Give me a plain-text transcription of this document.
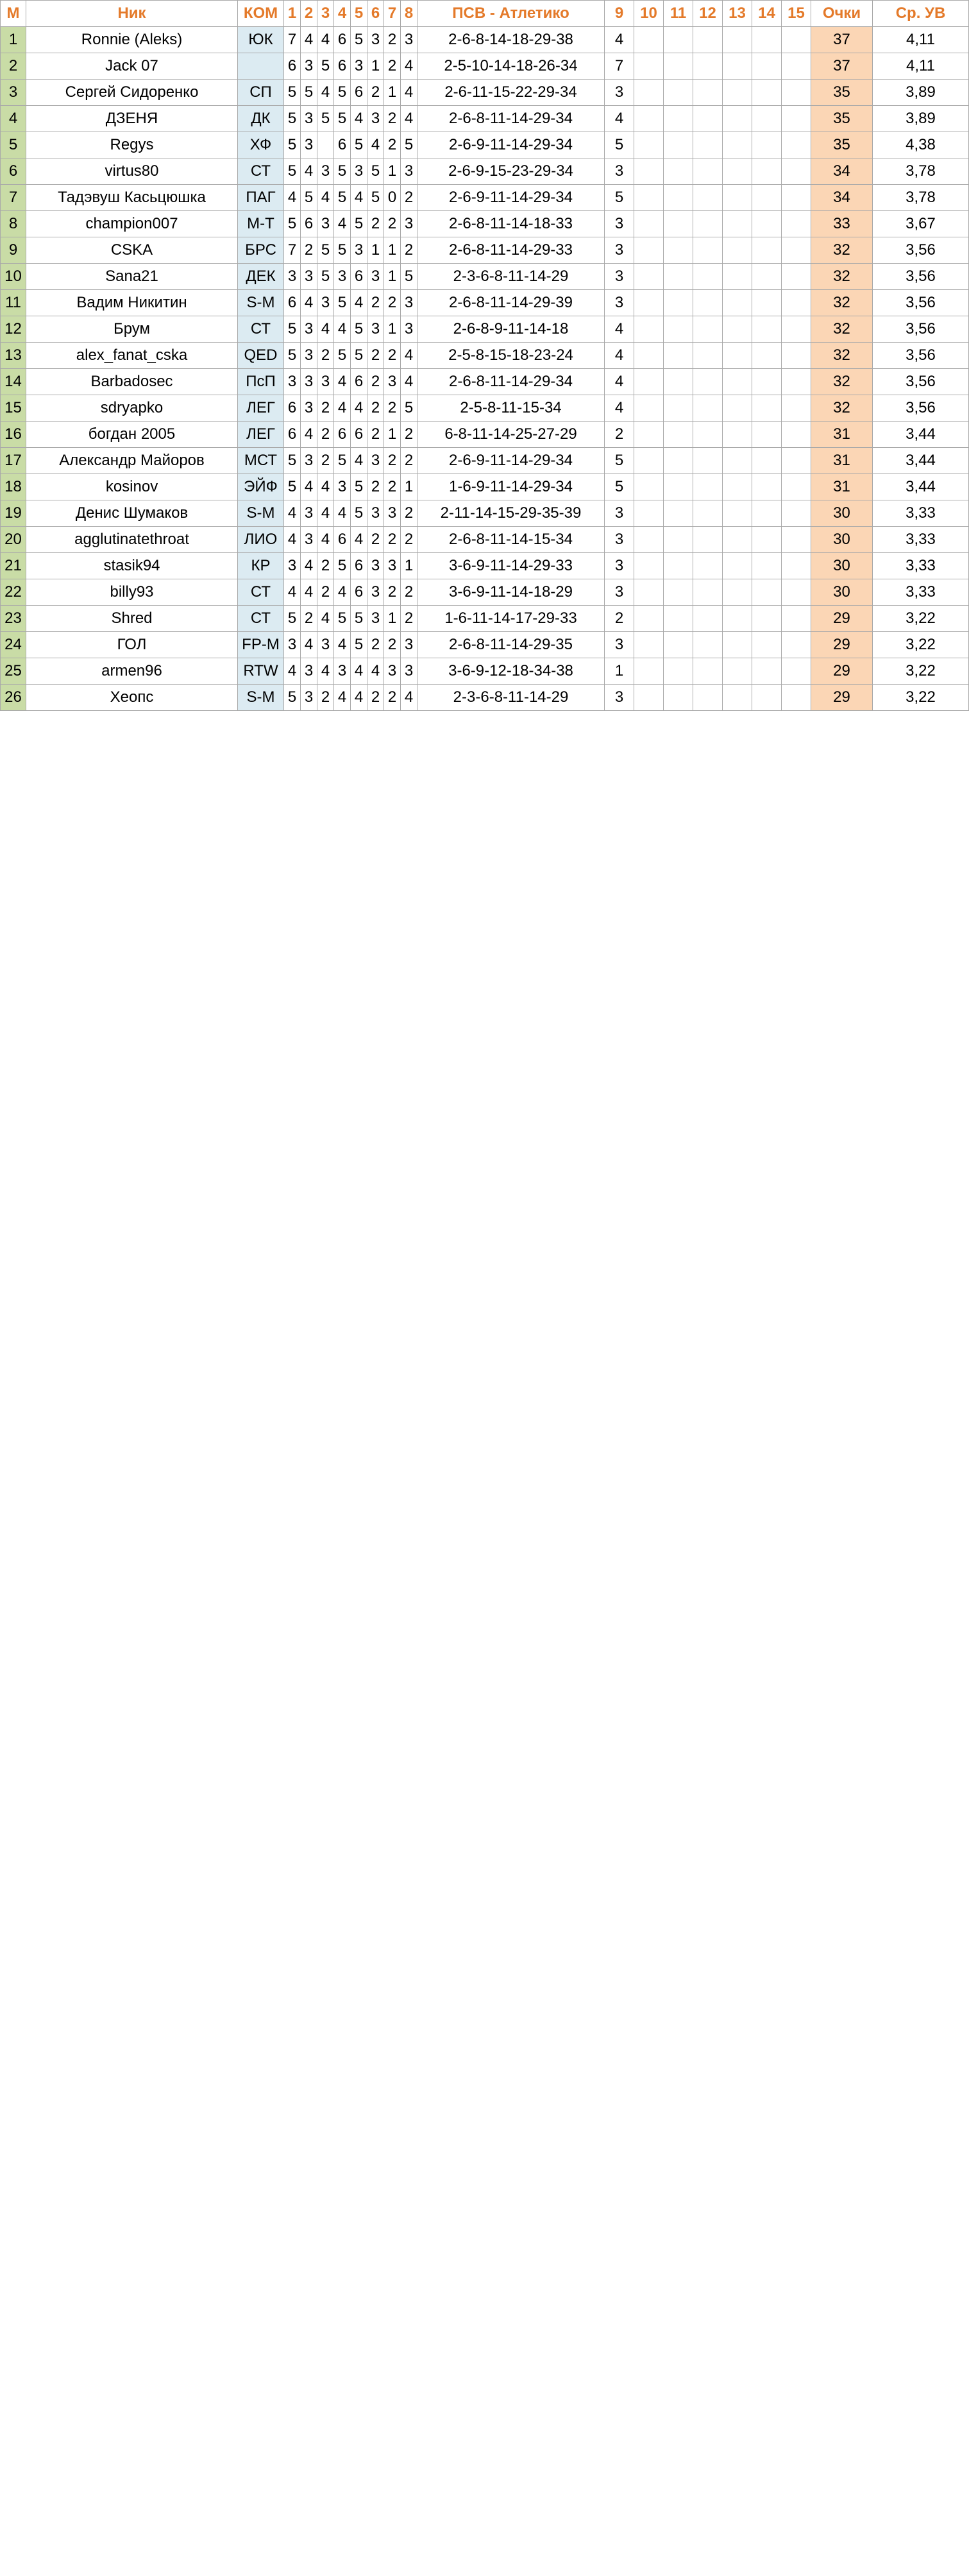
М	Ник	КОМ	1	2	3	4	5	6	7	8	ПСВ - Атлетико	9	10	11	12	13	14	15	Очки	Ср. УВ
1	Ronnie (Aleks)	ЮК	7	4	4	6	5	3	2	3	2-6-8-14-18-29-38	4							37	4,11
2	Jack 07		6	3	5	6	3	1	2	4	2-5-10-14-18-26-34	7							37	4,11
3	Сергей Сидоренко	СП	5	5	4	5	6	2	1	4	2-6-11-15-22-29-34	3							35	3,89
4	ДЗЕНЯ	ДК	5	3	5	5	4	3	2	4	2-6-8-11-14-29-34	4							35	3,89
5	Regys	ХФ	5	3		6	5	4	2	5	2-6-9-11-14-29-34	5							35	4,38
6	virtus80	СТ	5	4	3	5	3	5	1	3	2-6-9-15-23-29-34	3							34	3,78
7	Тадэвуш Касьцюшка	ПАГ	4	5	4	5	4	5	0	2	2-6-9-11-14-29-34	5							34	3,78
8	champion007	М-Т	5	6	3	4	5	2	2	3	2-6-8-11-14-18-33	3							33	3,67
9	CSKA	БРС	7	2	5	5	3	1	1	2	2-6-8-11-14-29-33	3							32	3,56
10	Sana21	ДЕК	3	3	5	3	6	3	1	5	2-3-6-8-11-14-29	3							32	3,56
11	Вадим Никитин	S-M	6	4	3	5	4	2	2	3	2-6-8-11-14-29-39	3							32	3,56
12	Брум	СТ	5	3	4	4	5	3	1	3	2-6-8-9-11-14-18	4							32	3,56
13	alex_fanat_cska	QED	5	3	2	5	5	2	2	4	2-5-8-15-18-23-24	4							32	3,56
14	Barbadosec	ПсП	3	3	3	4	6	2	3	4	2-6-8-11-14-29-34	4							32	3,56
15	sdryapko	ЛЕГ	6	3	2	4	4	2	2	5	2-5-8-11-15-34	4							32	3,56
16	богдан 2005	ЛЕГ	6	4	2	6	6	2	1	2	6-8-11-14-25-27-29	2							31	3,44
17	Александр Майоров	МСТ	5	3	2	5	4	3	2	2	2-6-9-11-14-29-34	5							31	3,44
18	kosinov	ЭЙФ	5	4	4	3	5	2	2	1	1-6-9-11-14-29-34	5							31	3,44
19	Денис Шумаков	S-M	4	3	4	4	5	3	3	2	2-11-14-15-29-35-39	3							30	3,33
20	agglutinatethroat	ЛИО	4	3	4	6	4	2	2	2	2-6-8-11-14-15-34	3							30	3,33
21	stasik94	КР	3	4	2	5	6	3	3	1	3-6-9-11-14-29-33	3							30	3,33
22	billy93	СТ	4	4	2	4	6	3	2	2	3-6-9-11-14-18-29	3							30	3,33
23	Shred	СТ	5	2	4	5	5	3	1	2	1-6-11-14-17-29-33	2							29	3,22
24	ГОЛ	FP-M	3	4	3	4	5	2	2	3	2-6-8-11-14-29-35	3							29	3,22
25	armen96	RTW	4	3	4	3	4	4	3	3	3-6-9-12-18-34-38	1							29	3,22
26	Хеопс	S-M	5	3	2	4	4	2	2	4	2-3-6-8-11-14-29	3							29	3,22
